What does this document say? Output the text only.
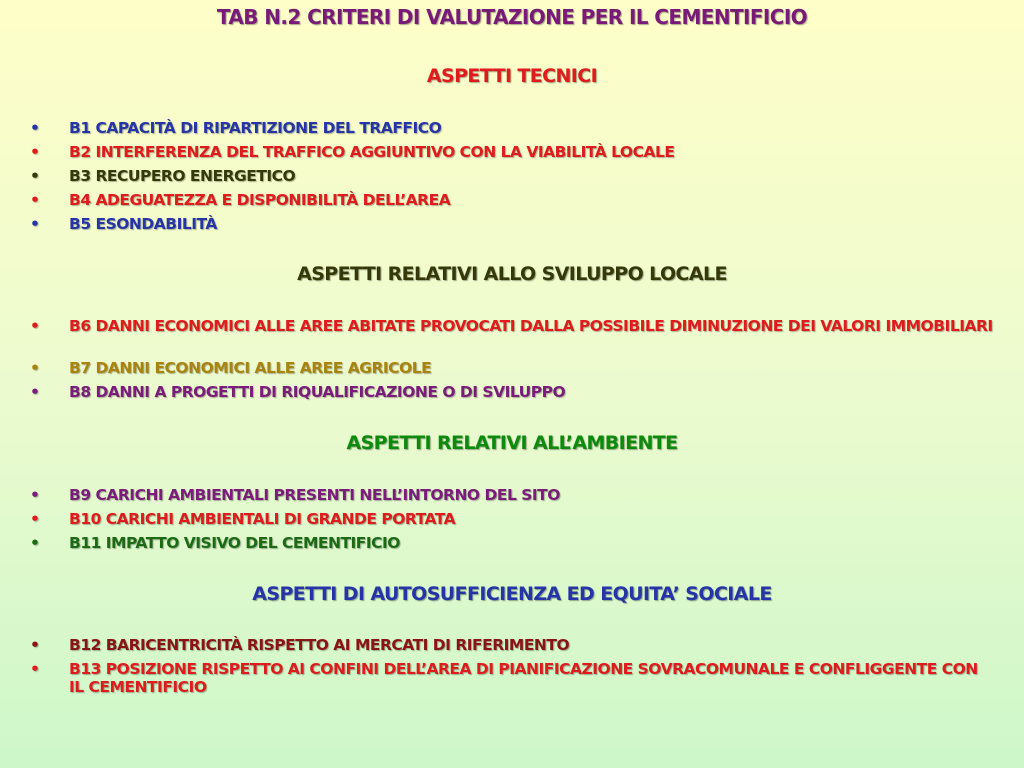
TAB N.2 CRITERI DI VALUTAZIONE PER IL CEMENTIFICIO
ASPETTI TECNICI
• B1 CAPACITÀ DI RIPARTIZIONE DEL TRAFFICO
• B2 INTERFERENZA DEL TRAFFICO AGGIUNTIVO CON LA VIABILITÀ LOCALE
• B3 RECUPERO ENERGETICO
• B4 ADEGUATEZZA E DISPONIBILITÀ DELL’AREA
• B5 ESONDABILITÀ
ASPETTI RELATIVI ALLO SVILUPPO LOCALE
• B6 DANNI ECONOMICI ALLE AREE ABITATE PROVOCATI DALLA POSSIBILE DIMINUZIONE DEI VALORI IMMOBILIARI
• B7 DANNI ECONOMICI ALLE AREE AGRICOLE
• B8 DANNI A PROGETTI DI RIQUALIFICAZIONE O DI SVILUPPO
ASPETTI RELATIVI ALL’AMBIENTE
• B9 CARICHI AMBIENTALI PRESENTI NELL’INTORNO DEL SITO
• B10 CARICHI AMBIENTALI DI GRANDE PORTATA
• B11 IMPATTO VISIVO DEL CEMENTIFICIO
ASPETTI DI AUTOSUFFICIENZA ED EQUITA’ SOCIALE
• B12 BARICENTRICITÀ RISPETTO AI MERCATI DI RIFERIMENTO
• B13 POSIZIONE RISPETTO AI CONFINI DELL’AREA DI PIANIFICAZIONE SOVRACOMUNALE E CONFLIGGENTE CON IL CEMENTIFICIO
